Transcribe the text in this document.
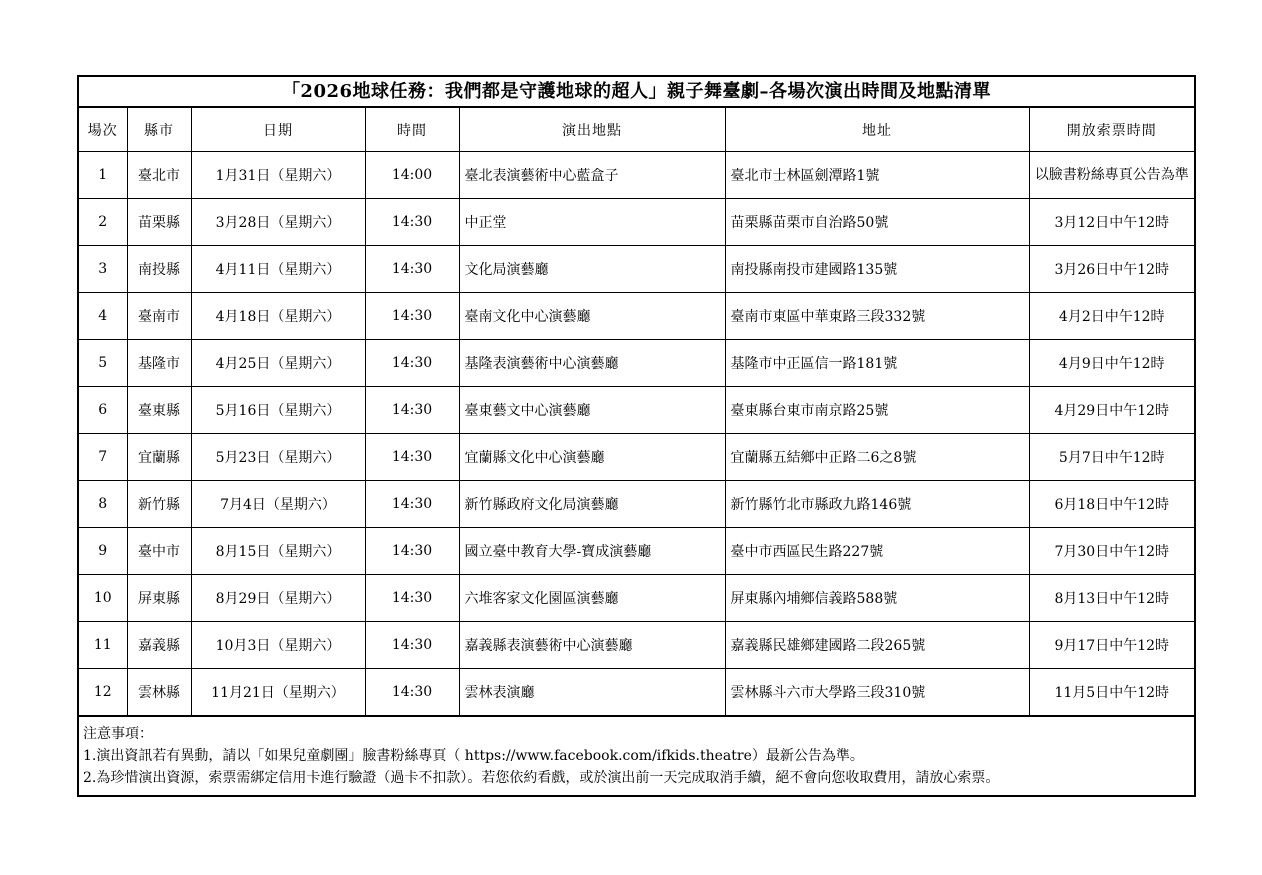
「2026地球任務：我們都是守護地球的超人」親子舞臺劇–各場次演出時間及地點清單
場次	縣市	日期	時間	演出地點	地址	開放索票時間
1	臺北市	1月31日（星期六）	14:00	臺北表演藝術中心藍盒子	臺北市士林區劍潭路1號	以臉書粉絲專頁公告為準
2	苗栗縣	3月28日（星期六）	14:30	中正堂	苗栗縣苗栗市自治路50號	3月12日中午12時
3	南投縣	4月11日（星期六）	14:30	文化局演藝廳	南投縣南投市建國路135號	3月26日中午12時
4	臺南市	4月18日（星期六）	14:30	臺南文化中心演藝廳	臺南市東區中華東路三段332號	4月2日中午12時
5	基隆市	4月25日（星期六）	14:30	基隆表演藝術中心演藝廳	基隆市中正區信一路181號	4月9日中午12時
6	臺東縣	5月16日（星期六）	14:30	臺東藝文中心演藝廳	臺東縣台東市南京路25號	4月29日中午12時
7	宜蘭縣	5月23日（星期六）	14:30	宜蘭縣文化中心演藝廳	宜蘭縣五結鄉中正路二6之8號	5月7日中午12時
8	新竹縣	7月4日（星期六）	14:30	新竹縣政府文化局演藝廳	新竹縣竹北市縣政九路146號	6月18日中午12時
9	臺中市	8月15日（星期六）	14:30	國立臺中教育大學-寶成演藝廳	臺中市西區民生路227號	7月30日中午12時
10	屏東縣	8月29日（星期六）	14:30	六堆客家文化園區演藝廳	屏東縣內埔鄉信義路588號	8月13日中午12時
11	嘉義縣	10月3日（星期六）	14:30	嘉義縣表演藝術中心演藝廳	嘉義縣民雄鄉建國路二段265號	9月17日中午12時
12	雲林縣	11月21日（星期六）	14:30	雲林表演廳	雲林縣斗六市大學路三段310號	11月5日中午12時
注意事項：
1.演出資訊若有異動，請以「如果兒童劇團」臉書粉絲專頁（ https://www.facebook.com/ifkids.theatre）最新公告為準。
2.為珍惜演出資源，索票需綁定信用卡進行驗證（過卡不扣款）。若您依約看戲，或於演出前一天完成取消手續，絕不會向您收取費用，請放心索票。
